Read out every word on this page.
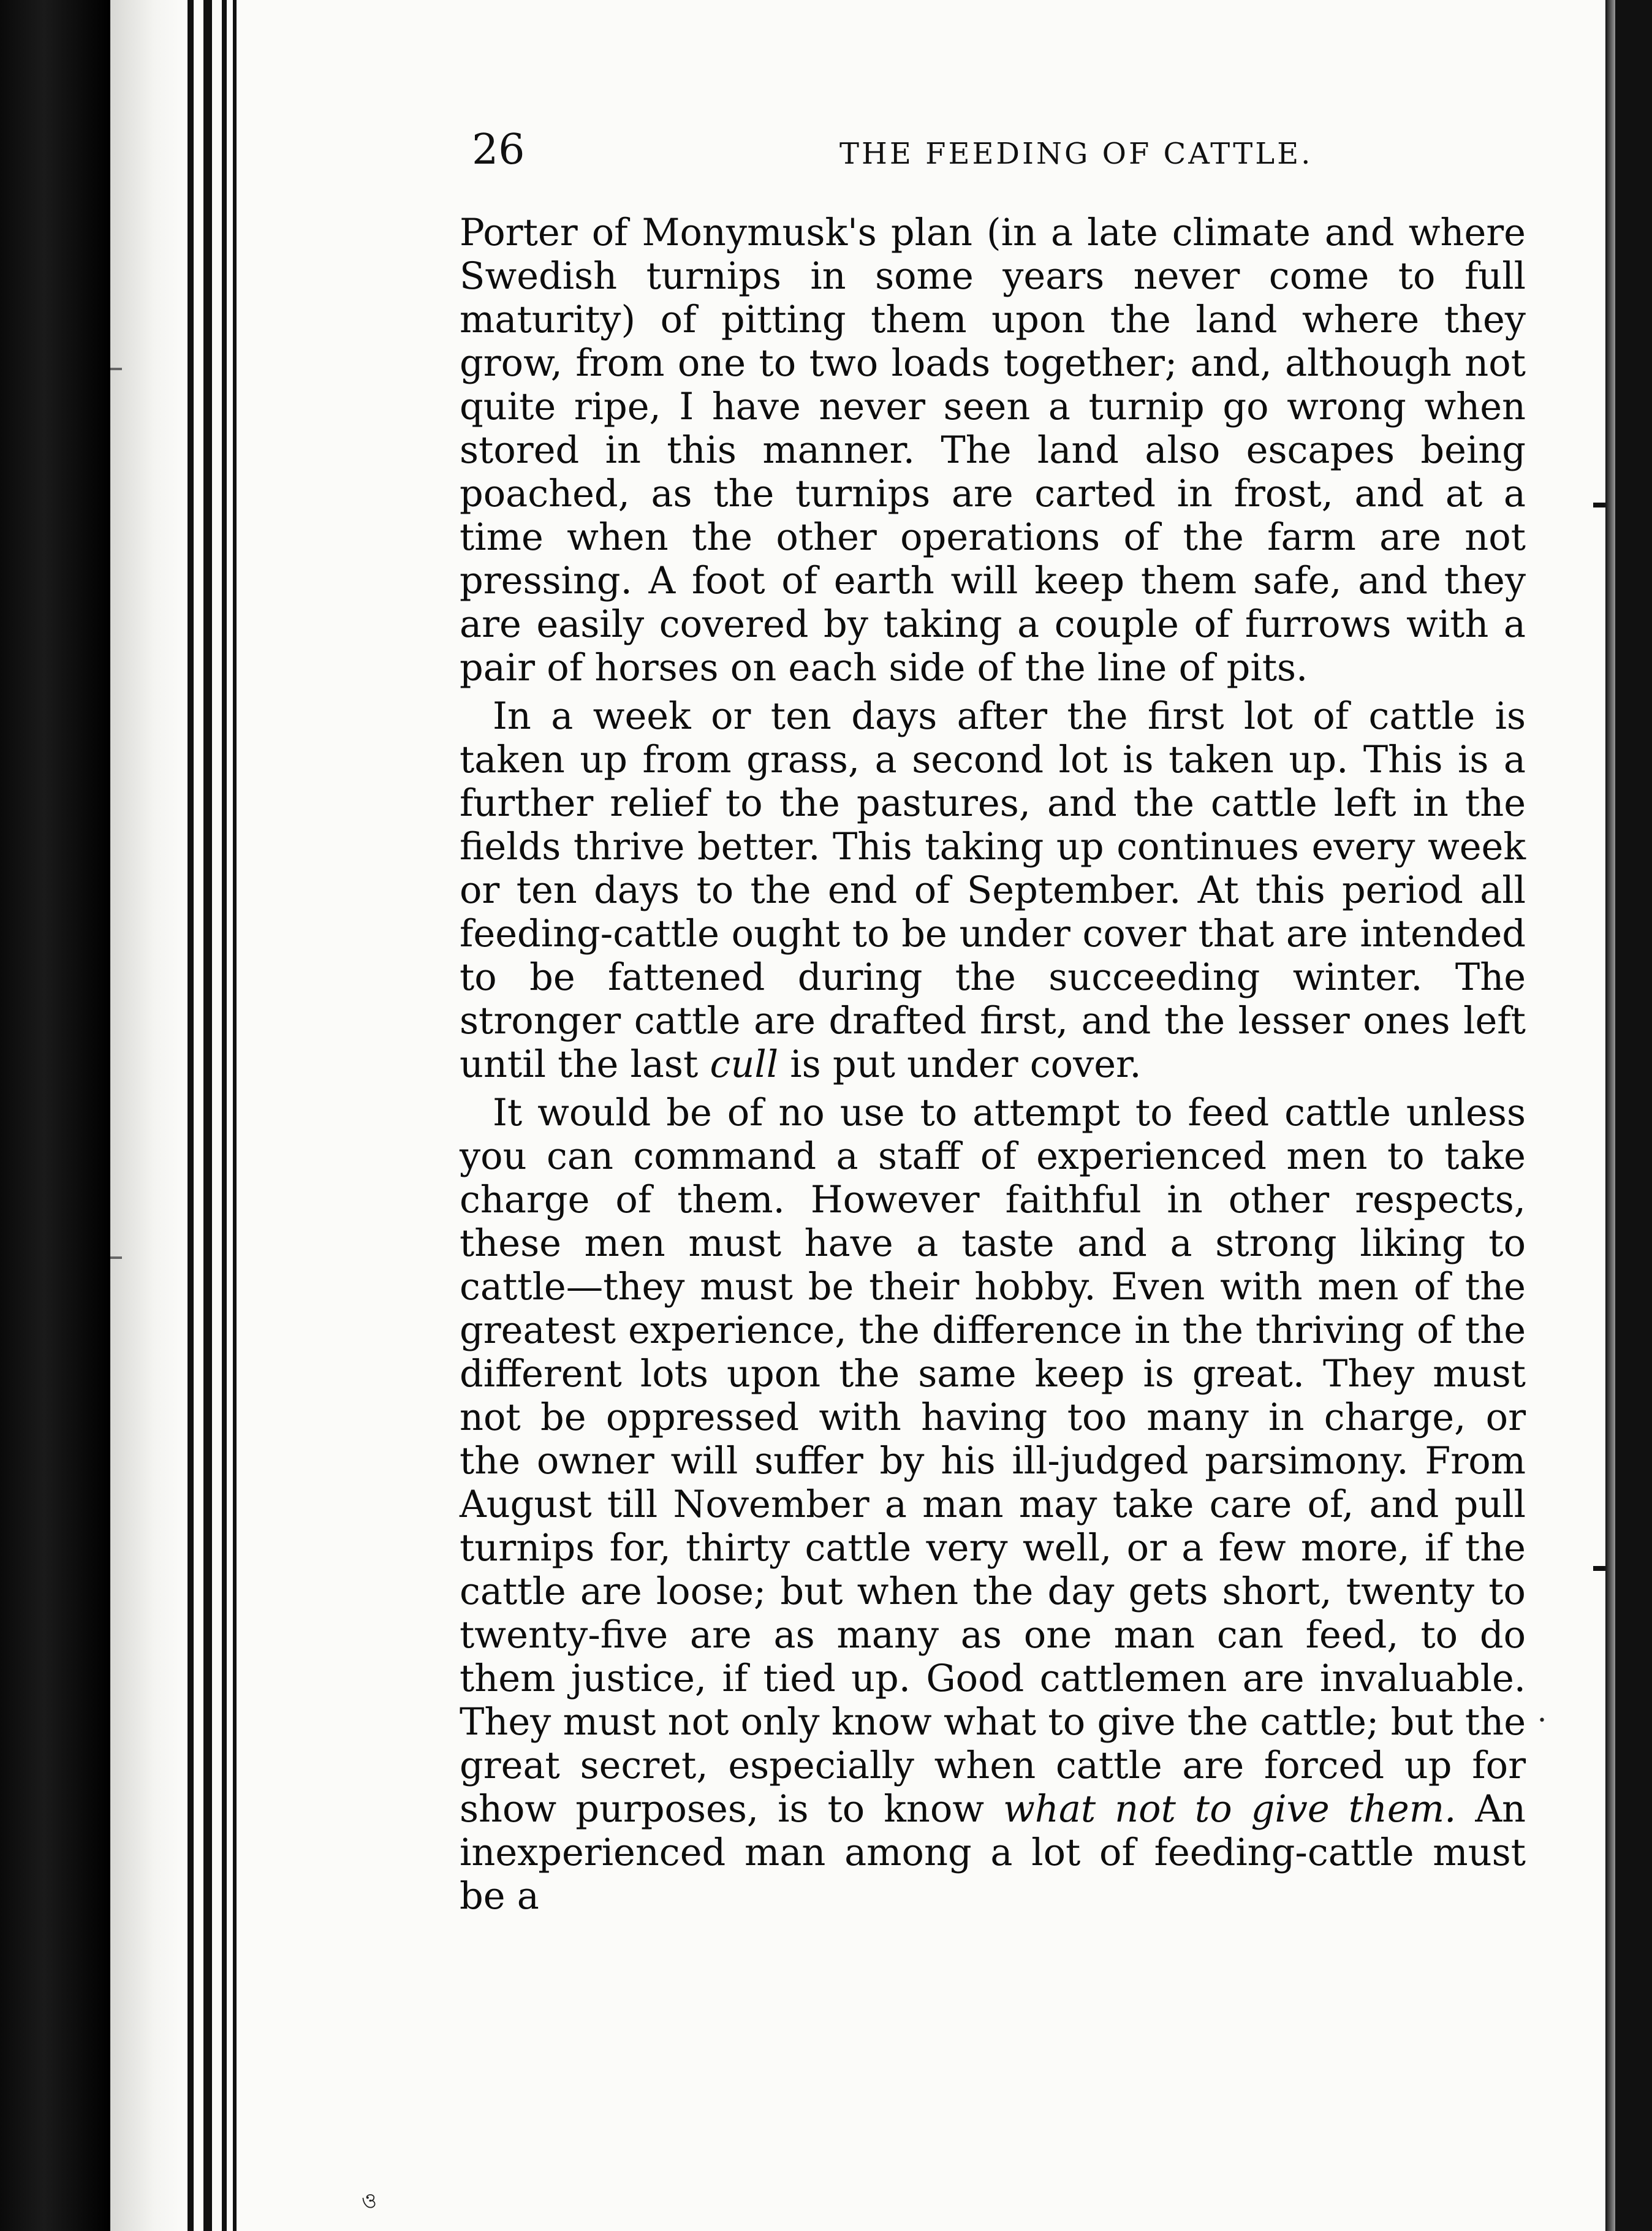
26	THE FEEDING OF CATTLE.

Porter of Monymusk's plan (in a late climate and where Swedish turnips in some years never come to full maturity) of pitting them upon the land where they grow, from one to two loads together; and, although not quite ripe, I have never seen a turnip go wrong when stored in this manner. The land also escapes being poached, as the turnips are carted in frost, and at a time when the other operations of the farm are not pressing. A foot of earth will keep them safe, and they are easily covered by taking a couple of furrows with a pair of horses on each side of the line of pits.

In a week or ten days after the first lot of cattle is taken up from grass, a second lot is taken up. This is a further relief to the pastures, and the cattle left in the fields thrive better. This taking up continues every week or ten days to the end of September. At this period all feeding-cattle ought to be under cover that are intended to be fattened during the succeeding winter. The stronger cattle are drafted first, and the lesser ones left until the last cull is put under cover.

It would be of no use to attempt to feed cattle unless you can command a staff of experienced men to take charge of them. However faithful in other respects, these men must have a taste and a strong liking to cattle—they must be their hobby. Even with men of the greatest experience, the difference in the thriving of the different lots upon the same keep is great. They must not be oppressed with having too many in charge, or the owner will suffer by his ill-judged parsimony. From August till November a man may take care of, and pull turnips for, thirty cattle very well, or a few more, if the cattle are loose; but when the day gets short, twenty to twenty-five are as many as one man can feed, to do them justice, if tied up. Good cattlemen are invaluable. They must not only know what to give the cattle; but the great secret, especially when cattle are forced up for show purposes, is to know what not to give them. An inexperienced man among a lot of feeding-cattle must be a

•
ও
